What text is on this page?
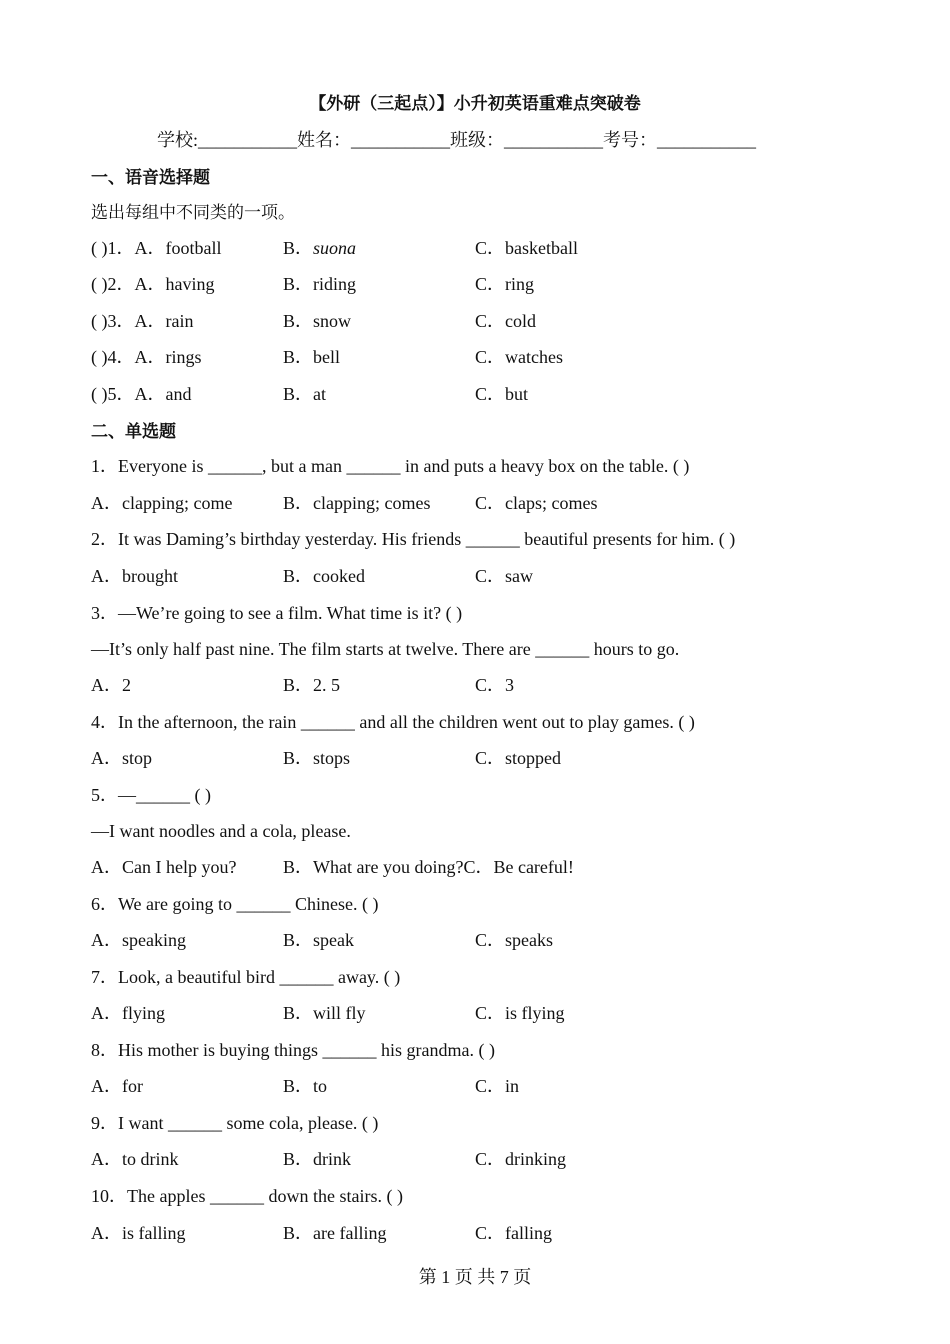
【外研（三起点）】小升初英语重难点突破卷
学校:___________姓名：___________班级：___________考号：___________
一、语音选择题
选出每组中不同类的一项。
( )1．A．football	B．suona	C．basketball
( )2．A．having	B．riding	C．ring
( )3．A．rain	B．snow	C．cold
( )4．A．rings	B．bell	C．watches
( )5．A．and	B．at	C．but
二、单选题
1．Everyone is ______, but a man ______ in and puts a heavy box on the table. ( )
A．clapping; come	B．clapping; comes C．claps; comes
2．It was Daming’s birthday yesterday. His friends ______ beautiful presents for him. ( )
A．brought	B．cooked	C．saw
3．—We’re going to see a film. What time is it? ( )
—It’s only half past nine. The film starts at twelve. There are ______ hours to go.
A．2	B．2. 5	C．3
4．In the afternoon, the rain ______ and all the children went out to play games. ( )
A．stop	B．stops	C．stopped
5．—______ ( )
—I want noodles and a cola, please.
A．Can I help you?	B．What are you doing?C．Be careful!
6．We are going to ______ Chinese. ( )
A．speaking	B．speak	C．speaks
7．Look, a beautiful bird ______ away. ( )
A．flying	B．will fly	C．is flying
8．His mother is buying things ______ his grandma. ( )
A．for	B．to	C．in
9．I want ______ some cola, please. ( )
A．to drink	B．drink	C．drinking
10．The apples ______ down the stairs. ( )
A．is falling	B．are falling	C．falling
第 1 页 共 7 页
